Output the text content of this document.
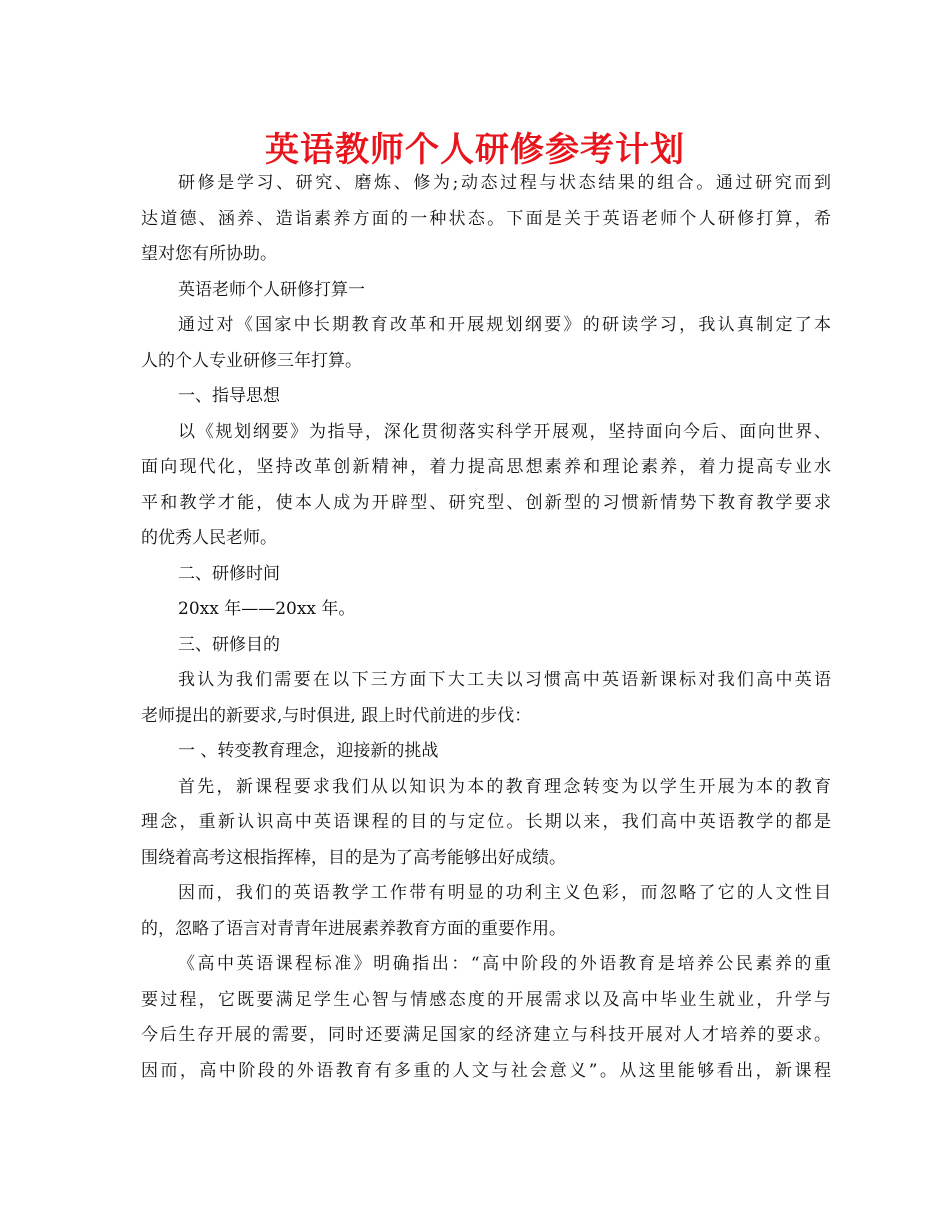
英语教师个人研修参考计划
研修是学习、研究、磨炼、修为;动态过程与状态结果的组合。通过研究而到
达道德、涵养、造诣素养方面的一种状态。下面是关于英语老师个人研修打算，希
望对您有所协助。
英语老师个人研修打算一
通过对《国家中长期教育改革和开展规划纲要》的研读学习，我认真制定了本
人的个人专业研修三年打算。
一、指导思想
以《规划纲要》为指导，深化贯彻落实科学开展观，坚持面向今后、面向世界、
面向现代化，坚持改革创新精神，着力提高思想素养和理论素养，着力提高专业水
平和教学才能，使本人成为开辟型、研究型、创新型的习惯新情势下教育教学要求
的优秀人民老师。
二、研修时间
20xx 年——20xx 年。
三、研修目的
我认为我们需要在以下三方面下大工夫以习惯高中英语新课标对我们高中英语
老师提出的新要求,与时俱进, 跟上时代前进的步伐：
一 、转变教育理念，迎接新的挑战
首先，新课程要求我们从以知识为本的教育理念转变为以学生开展为本的教育
理念，重新认识高中英语课程的目的与定位。长期以来，我们高中英语教学的都是
围绕着高考这根指挥棒，目的是为了高考能够出好成绩。
因而，我们的英语教学工作带有明显的功利主义色彩，而忽略了它的人文性目
的，忽略了语言对青青年进展素养教育方面的重要作用。
《高中英语课程标准》明确指出：“高中阶段的外语教育是培养公民素养的重
要过程，它既要满足学生心智与情感态度的开展需求以及高中毕业生就业，升学与
今后生存开展的需要，同时还要满足国家的经济建立与科技开展对人才培养的要求。
因而，高中阶段的外语教育有多重的人文与社会意义”。从这里能够看出，新课程
